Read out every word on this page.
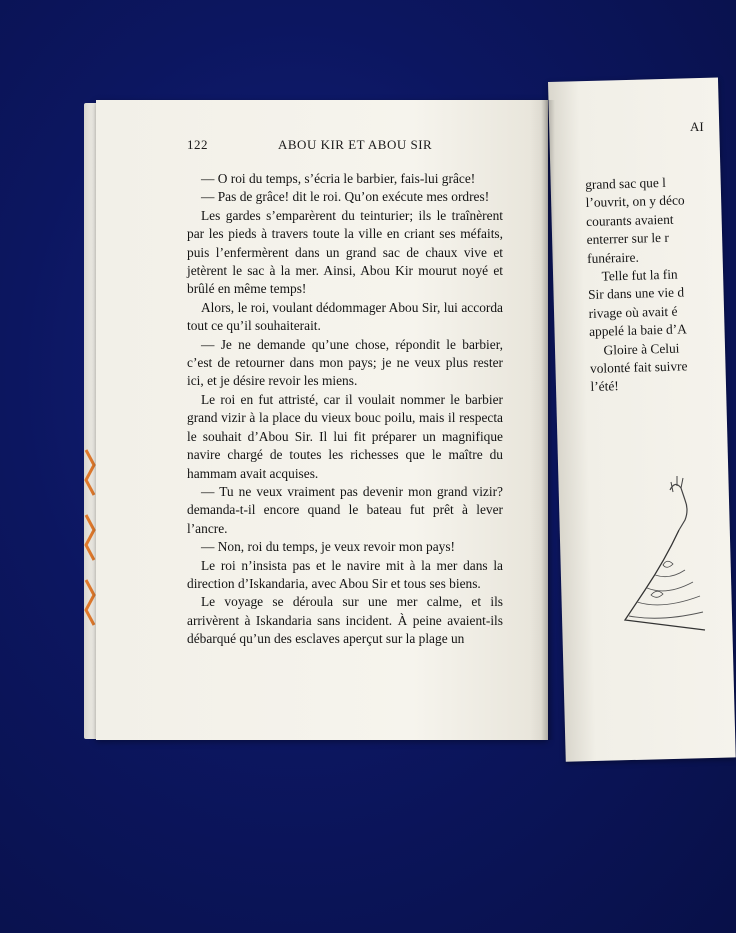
122	ABOU KIR ET ABOU SIR

— O roi du temps, s’écria le barbier, fais-lui grâce!

— Pas de grâce! dit le roi. Qu’on exécute mes ordres!

Les gardes s’emparèrent du teinturier; ils le traînèrent par les pieds à travers toute la ville en criant ses méfaits, puis l’enfermèrent dans un grand sac de chaux vive et jetèrent le sac à la mer. Ainsi, Abou Kir mourut noyé et brûlé en même temps!

Alors, le roi, voulant dédommager Abou Sir, lui accorda tout ce qu’il souhaiterait.

— Je ne demande qu’une chose, répondit le barbier, c’est de retourner dans mon pays; je ne veux plus rester ici, et je désire revoir les miens.

Le roi en fut attristé, car il voulait nommer le barbier grand vizir à la place du vieux bouc poilu, mais il respecta le souhait d’Abou Sir. Il lui fit préparer un magnifique navire chargé de toutes les richesses que le maître du hammam avait acquises.

— Tu ne veux vraiment pas devenir mon grand vizir? demanda-t-il encore quand le bateau fut prêt à lever l’ancre.

— Non, roi du temps, je veux revoir mon pays!

Le roi n’insista pas et le navire mit à la mer dans la direction d’Iskandaria, avec Abou Sir et tous ses biens.

Le voyage se déroula sur une mer calme, et ils arrivèrent à Iskandaria sans incident. À peine avaient-ils débarqué qu’un des esclaves aperçut sur la plage un

AI

grand sac que l

l’ouvrit, on y déco

courants avaient

enterrer sur le r

funéraire.

Telle fut la fin

Sir dans une vie d

rivage où avait é

appelé la baie d’A

Gloire à Celui

volonté fait suivre

l’été!
